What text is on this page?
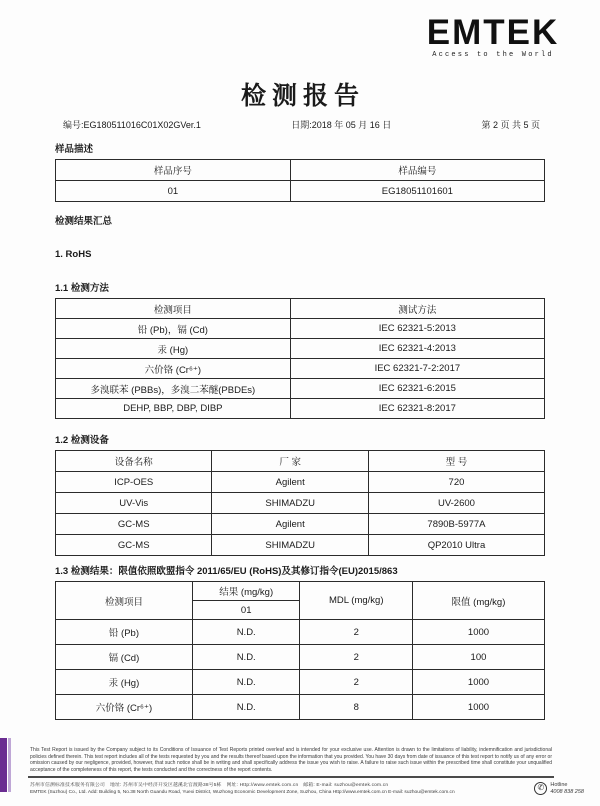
EMTEK
Access to the World
检测报告
编号:EG180511016C01X02GVer.1	日期:2018 年 05 月 16 日	第 2 页 共 5 页
样品描述
样品序号	样品编号
01	EG18051101601
检测结果汇总
1. RoHS
1.1 检测方法
检测项目	测试方法
铅 (Pb)，镉 (Cd)	IEC 62321-5:2013
汞 (Hg)	IEC 62321-4:2013
六价铬 (Cr⁶⁺)	IEC 62321-7-2:2017
多溴联苯 (PBBs)，多溴二苯醚(PBDEs)	IEC 62321-6:2015
DEHP, BBP, DBP, DIBP	IEC 62321-8:2017
1.2 检测设备
设备名称	厂 家	型 号
ICP-OES	Agilent	720
UV-Vis	SHIMADZU	UV-2600
GC-MS	Agilent	7890B-5977A
GC-MS	SHIMADZU	QP2010 Ultra
1.3 检测结果：限值依照欧盟指令 2011/65/EU (RoHS)及其修订指令(EU)2015/863
检测项目	结果 (mg/kg)	MDL (mg/kg)	限值 (mg/kg)
	01		
铅 (Pb)	N.D.	2	1000
镉 (Cd)	N.D.	2	100
汞 (Hg)	N.D.	2	1000
六价铬 (Cr⁶⁺)	N.D.	8	1000
This Test Report is issued by the Company subject to its Conditions of Issuance of Test Reports printed overleaf and is intended for your exclusive use. Attention is drawn to the limitations of liability, indemnification and jurisdictional policies defined therein. This test report includes all of the tests requested by you and the results thereof based upon the information that you provided. You have 30 days from date of issuance of this test report to notify us of any error or omission caused by our negligence, provided, however, that such notice shall be in writing and shall specifically address the issue you wish to raise. A failure to raise such issue within the prescribed time shall constitute your unqualified acceptance of the completeness of this report, the tests conducted and the correctness of the report contents.
苏州市信测标准技术服务有限公司　地址: 苏州市吴中经济开发区越溪北官渡路38号5栋　网址: Http://www.emtek.com.cn　邮箱: E-mail: suzhou@emtek.com.cn
EMTEK (Suzhou) Co., Ltd. Add: Building 5, No.38 North Guandu Road, Yuexi District, Wuzhong Economic Development Zone, Suzhou, China Http://www.emtek.com.cn E-mail: suzhou@emtek.com.cn
✆	Hotline
4008 838 258
